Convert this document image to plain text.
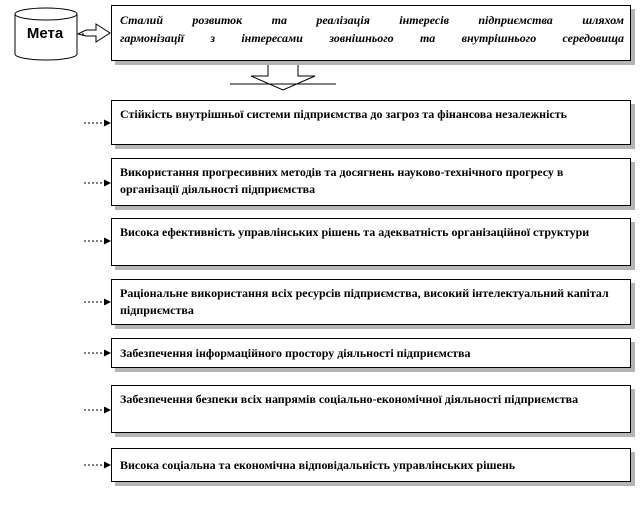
Мета
Сталий розвиток та реалізація інтересів підприємства шляхом
гармонізації з інтересами зовнішнього та внутрішнього середовища
Стійкість внутрішньої системи підприємства до загроз та фінансова незалежність
Використання прогресивних методів та досягнень науково-технічного прогресу в організації діяльності підприємства
Висока ефективність управлінських рішень та адекватність організаційної структури
Раціональне використання всіх ресурсів підприємства, високий інтелектуальний капітал підприємства
Забезпечення інформаційного простору діяльності підприємства
Забезпечення безпеки всіх напрямів соціально-економічної діяльності підприємства
Висока соціальна та економічна відповідальність управлінських рішень
